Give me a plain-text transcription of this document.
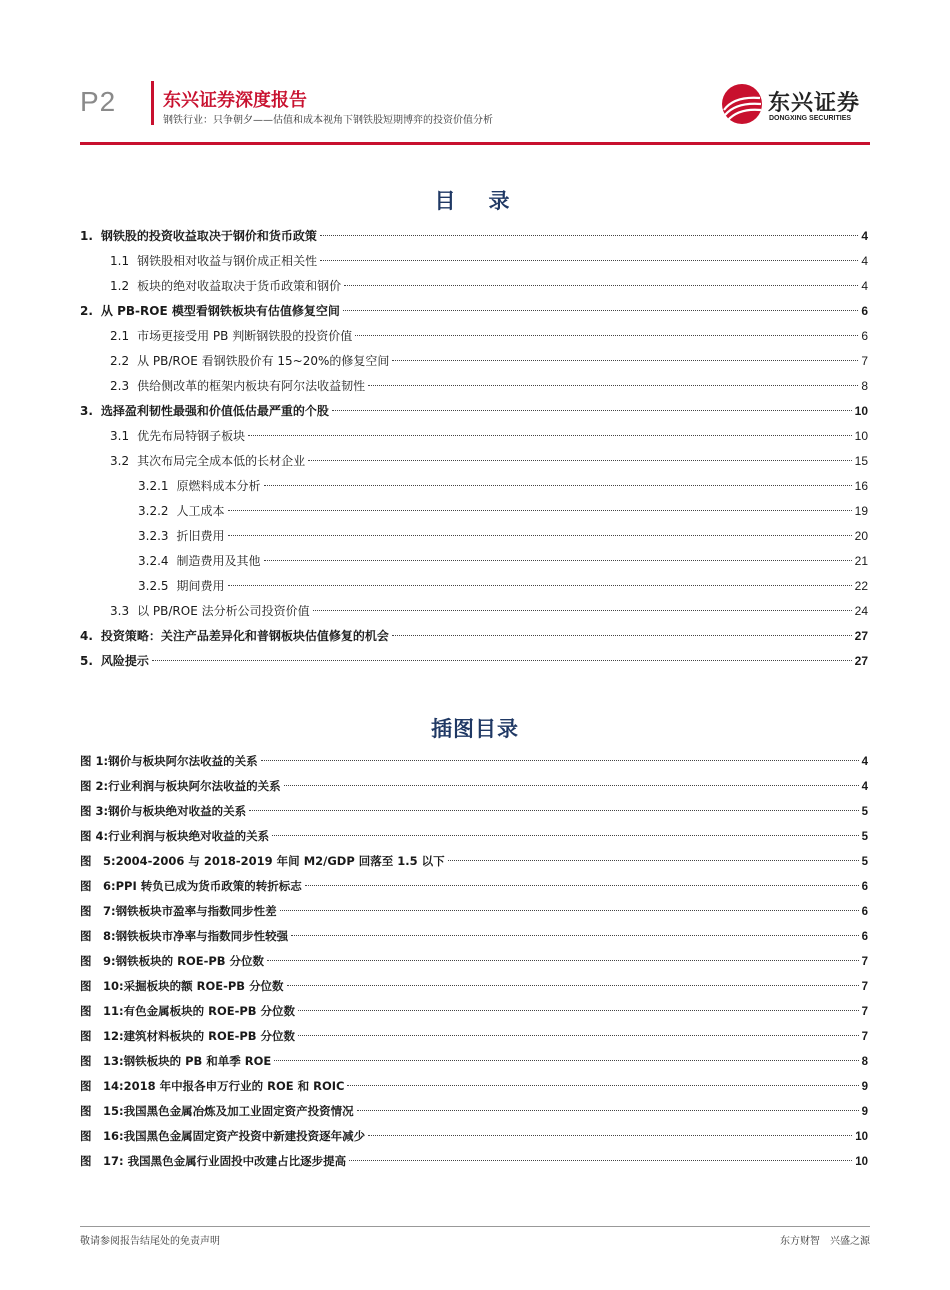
P2	东兴证券深度报告
钢铁行业：只争朝夕——估值和成本视角下钢铁股短期博弈的投资价值分析
东兴证券
DONGXING SECURITIES
目　录
1. 钢铁股的投资收益取决于钢价和货币政策	4
1.1 钢铁股相对收益与钢价成正相关性	4
1.2 板块的绝对收益取决于货币政策和钢价	4
2. 从 PB-ROE 模型看钢铁板块有估值修复空间	6
2.1 市场更接受用 PB 判断钢铁股的投资价值	6
2.2 从 PB/ROE 看钢铁股价有 15~20%的修复空间	7
2.3 供给侧改革的框架内板块有阿尔法收益韧性	8
3. 选择盈利韧性最强和价值低估最严重的个股	10
3.1 优先布局特钢子板块	10
3.2 其次布局完全成本低的长材企业	15
3.2.1 原燃料成本分析	16
3.2.2 人工成本	19
3.2.3 折旧费用	20
3.2.4 制造费用及其他	21
3.2.5 期间费用	22
3.3 以 PB/ROE 法分析公司投资价值	24
4. 投资策略：关注产品差异化和普钢板块估值修复的机会	27
5. 风险提示	27
插图目录
图 1:钢价与板块阿尔法收益的关系	4
图 2:行业利润与板块阿尔法收益的关系	4
图 3:钢价与板块绝对收益的关系	5
图 4:行业利润与板块绝对收益的关系	5
图　5:2004-2006 与 2018-2019 年间 M2/GDP 回落至 1.5 以下	5
图　6:PPI 转负已成为货币政策的转折标志	6
图　7:钢铁板块市盈率与指数同步性差	6
图　8:钢铁板块市净率与指数同步性较强	6
图　9:钢铁板块的 ROE-PB 分位数	7
图　10:采掘板块的额 ROE-PB 分位数	7
图　11:有色金属板块的 ROE-PB 分位数	7
图　12:建筑材料板块的 ROE-PB 分位数	7
图　13:钢铁板块的 PB 和单季 ROE	8
图　14:2018 年中报各申万行业的 ROE 和 ROIC	9
图　15:我国黑色金属冶炼及加工业固定资产投资情况	9
图　16:我国黑色金属固定资产投资中新建投资逐年减少	10
图　17: 我国黑色金属行业固投中改建占比逐步提高	10
敬请参阅报告结尾处的免责声明	东方财智　兴盛之源
